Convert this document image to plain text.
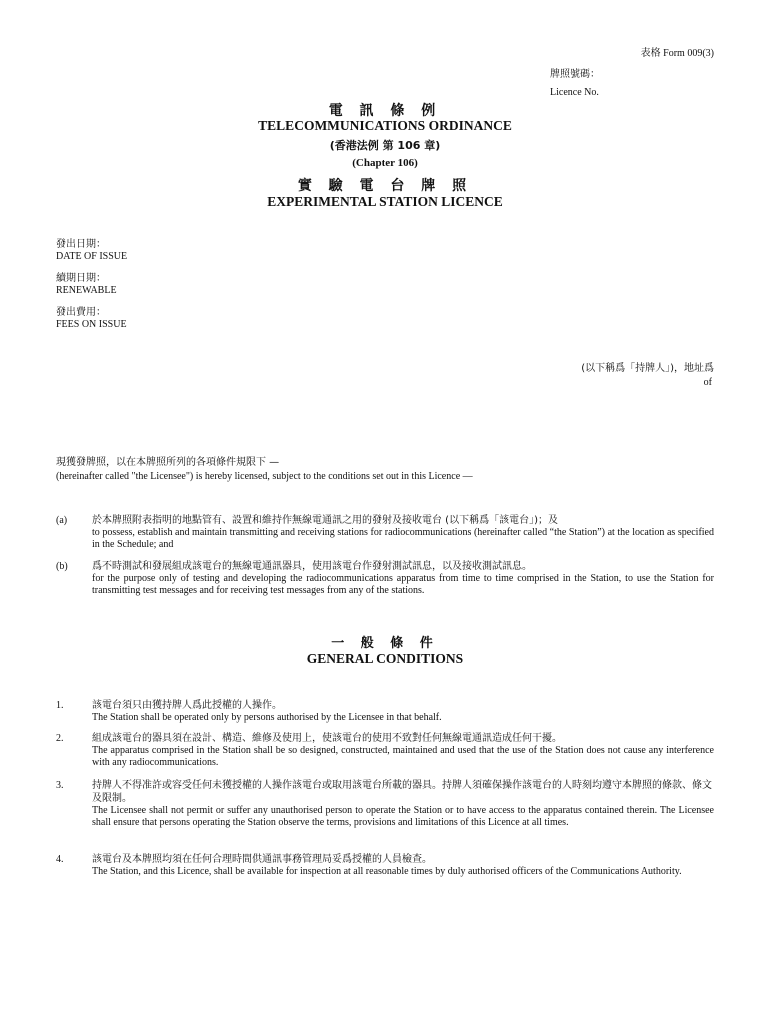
表格 Form 009(3)
牌照號碼：
Licence No.
電 訊 條 例
TELECOMMUNICATIONS ORDINANCE
(香港法例 第 106 章)
(Chapter 106)
實 驗 電 台 牌 照
EXPERIMENTAL STATION LICENCE
發出日期：
DATE OF ISSUE
續期日期：
RENEWABLE
發出費用：
FEES ON ISSUE
(以下稱爲「持牌人」)，地址爲
of
現獲發牌照，以在本牌照所列的各項條件規限下 —
(hereinafter called "the Licensee") is hereby licensed, subject to the conditions set out in this Licence —
(a) 於本牌照附表指明的地點管有、設置和維持作無線電通訊之用的發射及接收電台 (以下稱爲「該電台」)；及
to possess, establish and maintain transmitting and receiving stations for radiocommunications (hereinafter called “the Station”) at the location as specified in the Schedule; and
(b) 爲不時測試和發展組成該電台的無線電通訊器具，使用該電台作發射測試訊息，以及接收測試訊息。
for the purpose only of testing and developing the radiocommunications apparatus from time to time comprised in the Station, to use the Station for transmitting test messages and for receiving test messages from any of the stations.
一 般 條 件
GENERAL CONDITIONS
1.	該電台須只由獲持牌人爲此授權的人操作。
The Station shall be operated only by persons authorised by the Licensee in that behalf.
2.	組成該電台的器具須在設計、構造、維修及使用上，使該電台的使用不致對任何無線電通訊造成任何干擾。
The apparatus comprised in the Station shall be so designed, constructed, maintained and used that the use of the Station does not cause any interference with any radiocommunications.
3.	持牌人不得准許或容受任何未獲授權的人操作該電台或取用該電台所載的器具。持牌人須確保操作該電台的人時刻均遵守本牌照的條款、條文及限制。
The Licensee shall not permit or suffer any unauthorised person to operate the Station or to have access to the apparatus contained therein. The Licensee shall ensure that persons operating the Station observe the terms, provisions and limitations of this Licence at all times.
4.	該電台及本牌照均須在任何合理時間供通訊事務管理局妥爲授權的人員檢查。
The Station, and this Licence, shall be available for inspection at all reasonable times by duly authorised officers of the Communications Authority.
